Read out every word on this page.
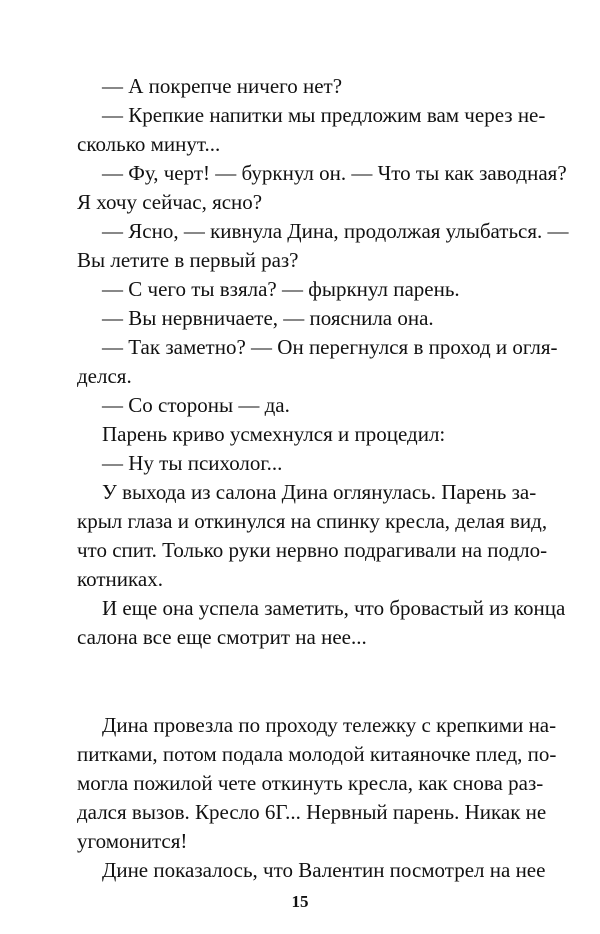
— А покрепче ничего нет?
— Крепкие напитки мы предложим вам через не-
сколько минут...
— Фу, черт! — буркнул он. — Что ты как заводная?
Я хочу сейчас, ясно?
— Ясно, — кивнула Дина, продолжая улыбаться. —
Вы летите в первый раз?
— С чего ты взяла? — фыркнул парень.
— Вы нервничаете, — пояснила она.
— Так заметно? — Он перегнулся в проход и огля-
делся.
— Со стороны — да.
Парень криво усмехнулся и процедил:
— Ну ты психолог...
У выхода из салона Дина оглянулась. Парень за-
крыл глаза и откинулся на спинку кресла, делая вид,
что спит. Только руки нервно подрагивали на подло-
котниках.
И еще она успела заметить, что бровастый из конца
салона все еще смотрит на нее...
Дина провезла по проходу тележку с крепкими на-
питками, потом подала молодой китаяночке плед, по-
могла пожилой чете откинуть кресла, как снова раз-
дался вызов. Кресло 6Г... Нервный парень. Никак не
угомонится!
Дине показалось, что Валентин посмотрел на нее
15
